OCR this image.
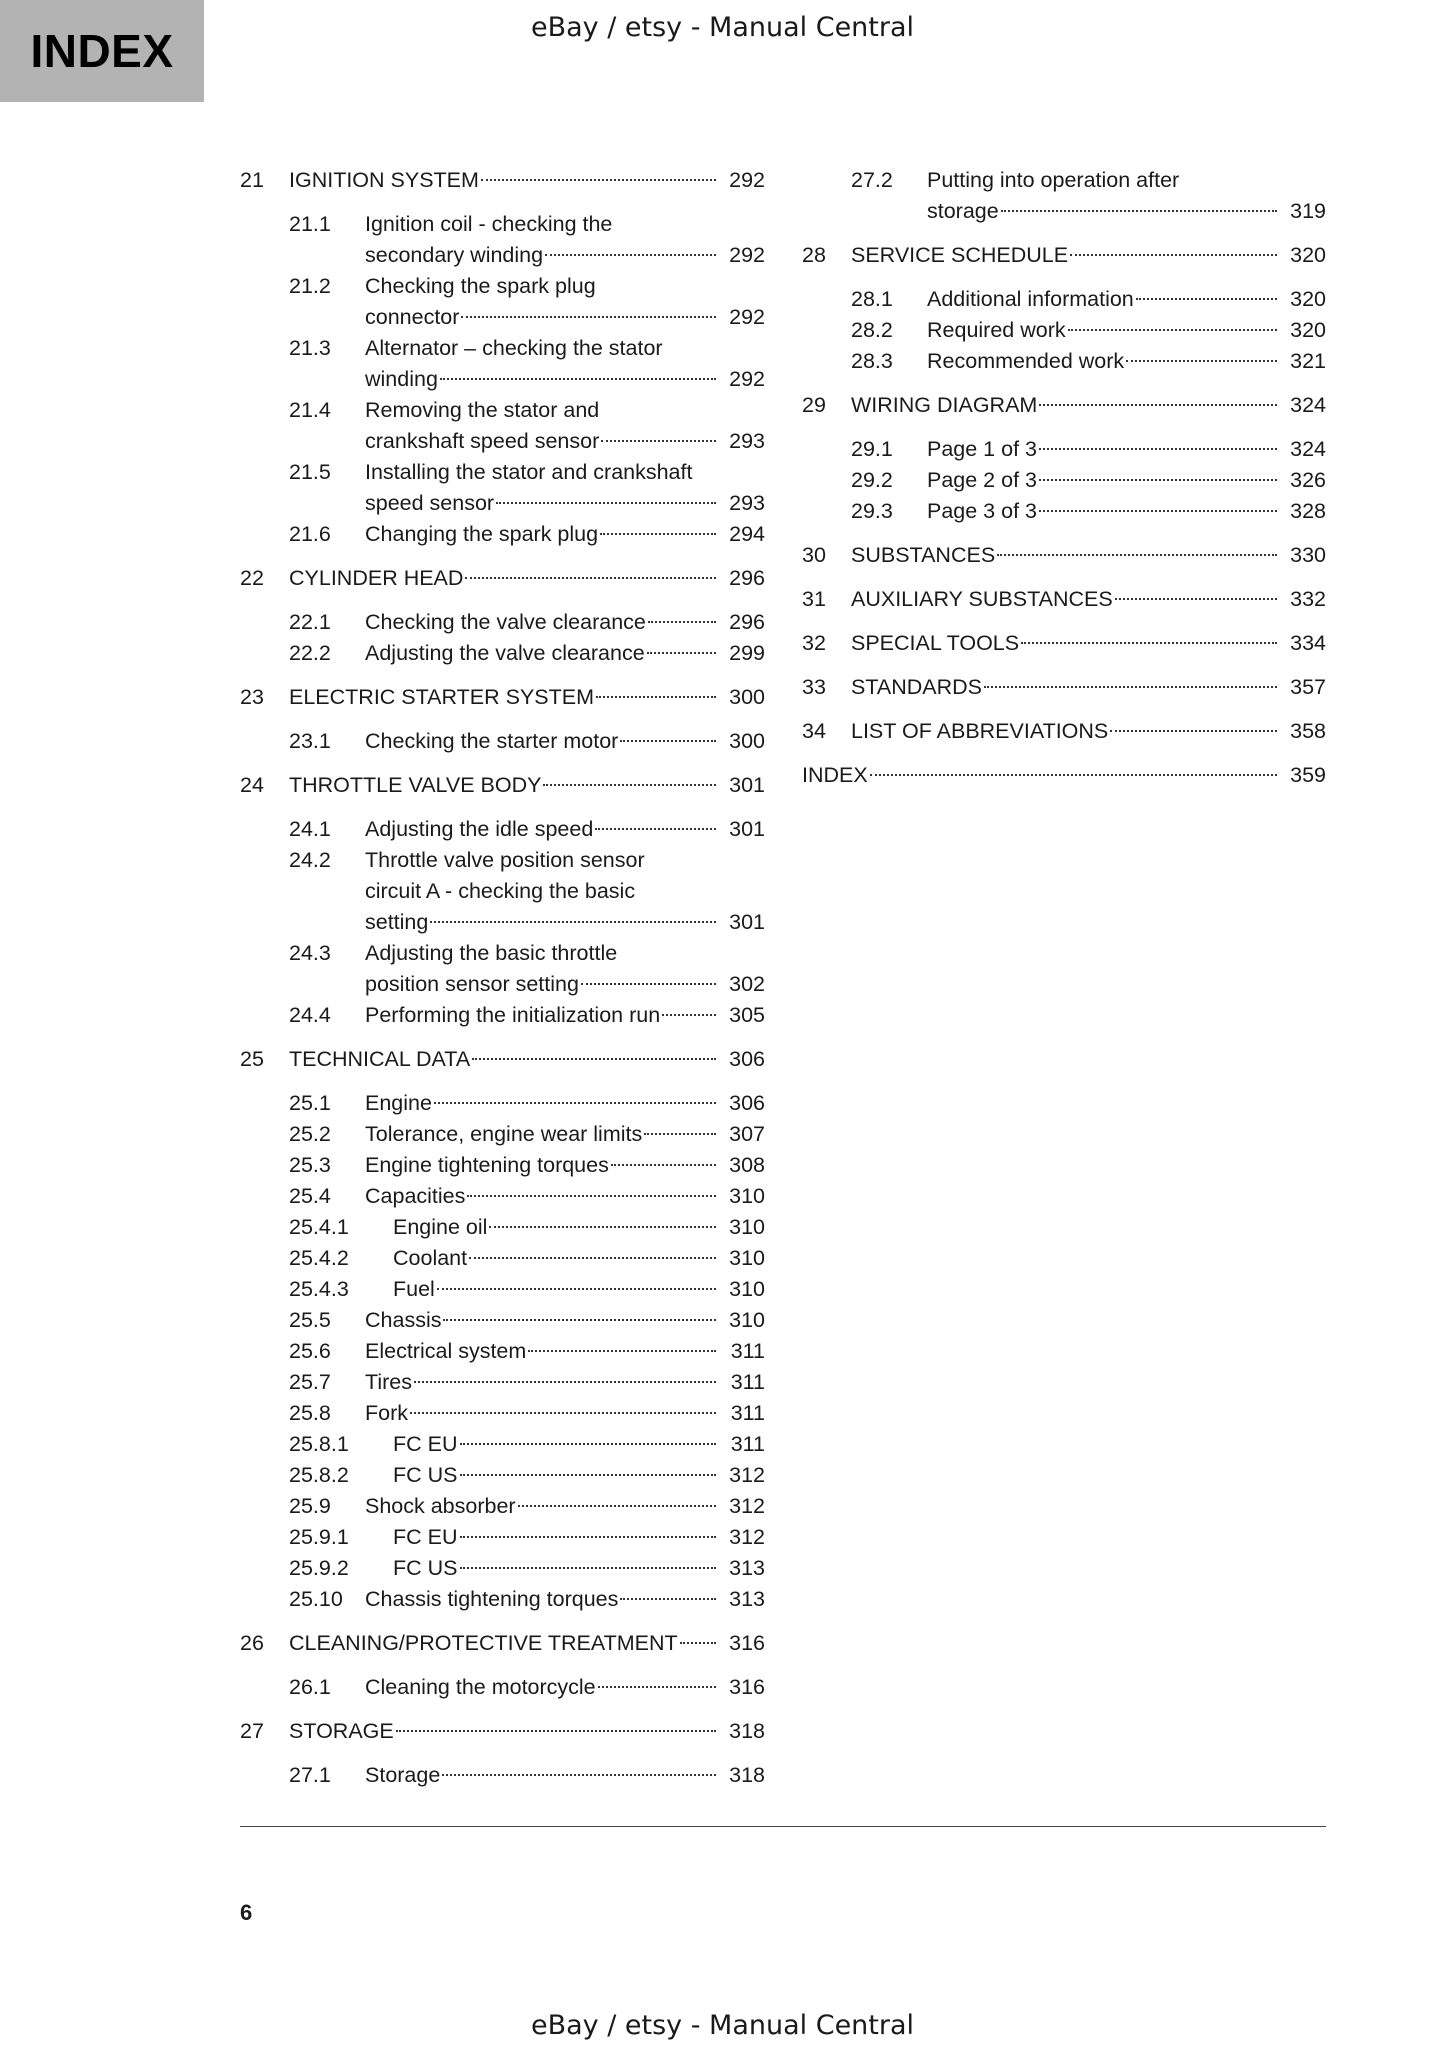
INDEX	eBay / etsy - Manual Central
21 IGNITION SYSTEM	292
21.1 Ignition coil - checking the
secondary winding	292
21.2 Checking the spark plug
connector	292
21.3 Alternator – checking the stator
winding	292
21.4 Removing the stator and
crankshaft speed sensor	293
21.5 Installing the stator and crankshaft
speed sensor	293
21.6 Changing the spark plug	294
22 CYLINDER HEAD	296
22.1 Checking the valve clearance	296
22.2 Adjusting the valve clearance	299
23 ELECTRIC STARTER SYSTEM	300
23.1 Checking the starter motor	300
24 THROTTLE VALVE BODY	301
24.1 Adjusting the idle speed	301
24.2 Throttle valve position sensor
circuit A - checking the basic
setting	301
24.3 Adjusting the basic throttle
position sensor setting	302
24.4 Performing the initialization run	305
25 TECHNICAL DATA	306
25.1 Engine	306
25.2 Tolerance, engine wear limits	307
25.3 Engine tightening torques	308
25.4 Capacities	310
25.4.1 Engine oil	310
25.4.2 Coolant	310
25.4.3 Fuel	310
25.5 Chassis	310
25.6 Electrical system	311
25.7 Tires	311
25.8 Fork	311
25.8.1 FC EU	311
25.8.2 FC US	312
25.9 Shock absorber	312
25.9.1 FC EU	312
25.9.2 FC US	313
25.10 Chassis tightening torques	313
26 CLEANING/PROTECTIVE TREATMENT	316
26.1 Cleaning the motorcycle	316
27 STORAGE	318
27.1 Storage	318
27.2 Putting into operation after
storage	319
28 SERVICE SCHEDULE	320
28.1 Additional information	320
28.2 Required work	320
28.3 Recommended work	321
29 WIRING DIAGRAM	324
29.1 Page 1 of 3	324
29.2 Page 2 of 3	326
29.3 Page 3 of 3	328
30 SUBSTANCES	330
31 AUXILIARY SUBSTANCES	332
32 SPECIAL TOOLS	334
33 STANDARDS	357
34 LIST OF ABBREVIATIONS	358
INDEX	359
6
eBay / etsy - Manual Central
